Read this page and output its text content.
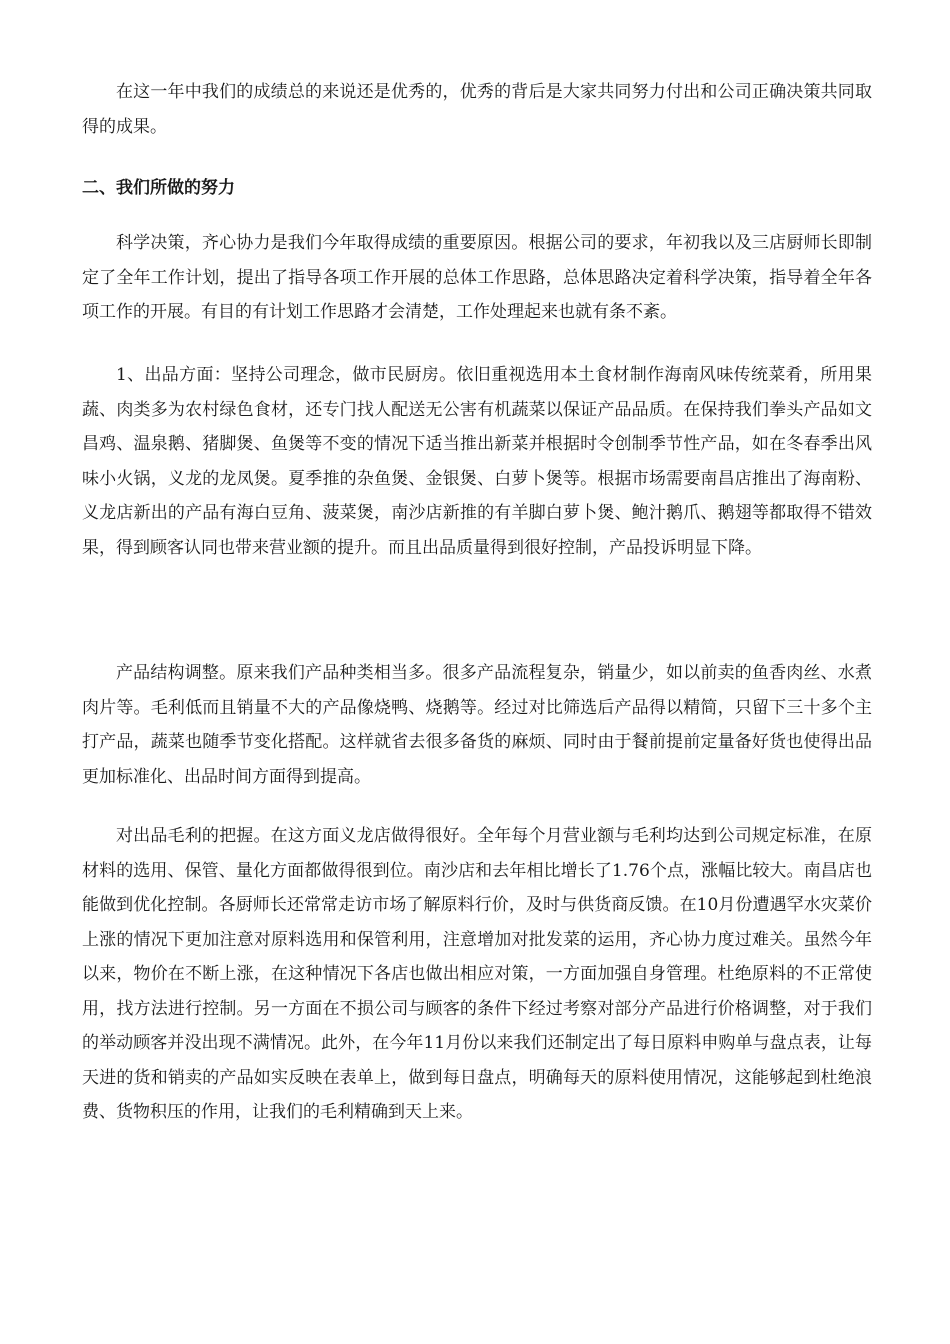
在这一年中我们的成绩总的来说还是优秀的，优秀的背后是大家共同努力付出和公司正确决策共同取得的成果。

二、我们所做的努力

科学决策，齐心协力是我们今年取得成绩的重要原因。根据公司的要求，年初我以及三店厨师长即制定了全年工作计划，提出了指导各项工作开展的总体工作思路，总体思路决定着科学决策，指导着全年各项工作的开展。有目的有计划工作思路才会清楚，工作处理起来也就有条不紊。

1、出品方面：坚持公司理念，做市民厨房。依旧重视选用本土食材制作海南风味传统菜肴，所用果蔬、肉类多为农村绿色食材，还专门找人配送无公害有机蔬菜以保证产品品质。在保持我们拳头产品如文昌鸡、温泉鹅、猪脚煲、鱼煲等不变的情况下适当推出新菜并根据时令创制季节性产品，如在冬春季出风味小火锅，义龙的龙凤煲。夏季推的杂鱼煲、金银煲、白萝卜煲等。根据市场需要南昌店推出了海南粉、义龙店新出的产品有海白豆角、菠菜煲，南沙店新推的有羊脚白萝卜煲、鲍汁鹅爪、鹅翅等都取得不错效果，得到顾客认同也带来营业额的提升。而且出品质量得到很好控制，产品投诉明显下降。

产品结构调整。原来我们产品种类相当多。很多产品流程复杂，销量少，如以前卖的鱼香肉丝、水煮肉片等。毛利低而且销量不大的产品像烧鸭、烧鹅等。经过对比筛选后产品得以精简，只留下三十多个主打产品，蔬菜也随季节变化搭配。这样就省去很多备货的麻烦、同时由于餐前提前定量备好货也使得出品更加标准化、出品时间方面得到提高。

对出品毛利的把握。在这方面义龙店做得很好。全年每个月营业额与毛利均达到公司规定标准，在原材料的选用、保管、量化方面都做得很到位。南沙店和去年相比增长了1.76个点，涨幅比较大。南昌店也能做到优化控制。各厨师长还常常走访市场了解原料行价，及时与供货商反馈。在10月份遭遇罕水灾菜价上涨的情况下更加注意对原料选用和保管利用，注意增加对批发菜的运用，齐心协力度过难关。虽然今年以来，物价在不断上涨，在这种情况下各店也做出相应对策，一方面加强自身管理。杜绝原料的不正常使用，找方法进行控制。另一方面在不损公司与顾客的条件下经过考察对部分产品进行价格调整，对于我们的举动顾客并没出现不满情况。此外，在今年11月份以来我们还制定出了每日原料申购单与盘点表，让每天进的货和销卖的产品如实反映在表单上，做到每日盘点，明确每天的原料使用情况，这能够起到杜绝浪费、货物积压的作用，让我们的毛利精确到天上来。
